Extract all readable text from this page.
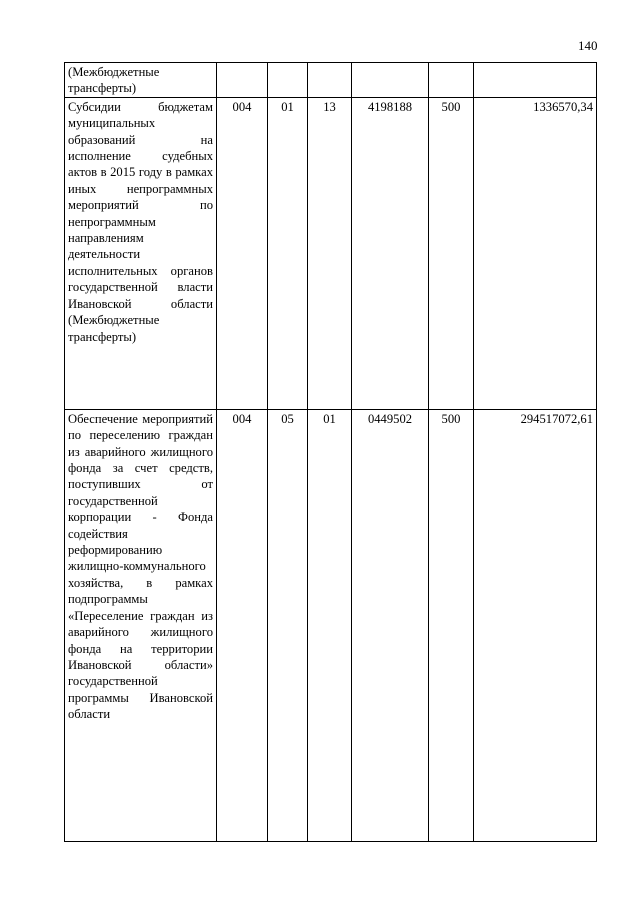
140
(Межбюджетные трансферты)						
Субсидии бюджетам муниципальных образований на исполнение судебных актов в 2015 году в рамках иных непрограммных мероприятий по непрограммным направлениям деятельности исполнительных органов государственной власти Ивановской области (Межбюджетные трансферты)	004	01	13	4198188	500	1336570,34
Обеспечение мероприятий по переселению граждан из аварийного жилищного фонда за счет средств, поступивших от государственной корпорации - Фонда содействия реформированию жилищно-коммунального хозяйства, в рамках подпрограммы «Переселение граждан из аварийного жилищного фонда на территории Ивановской области» государственной программы Ивановской области	004	05	01	0449502	500	294517072,61
